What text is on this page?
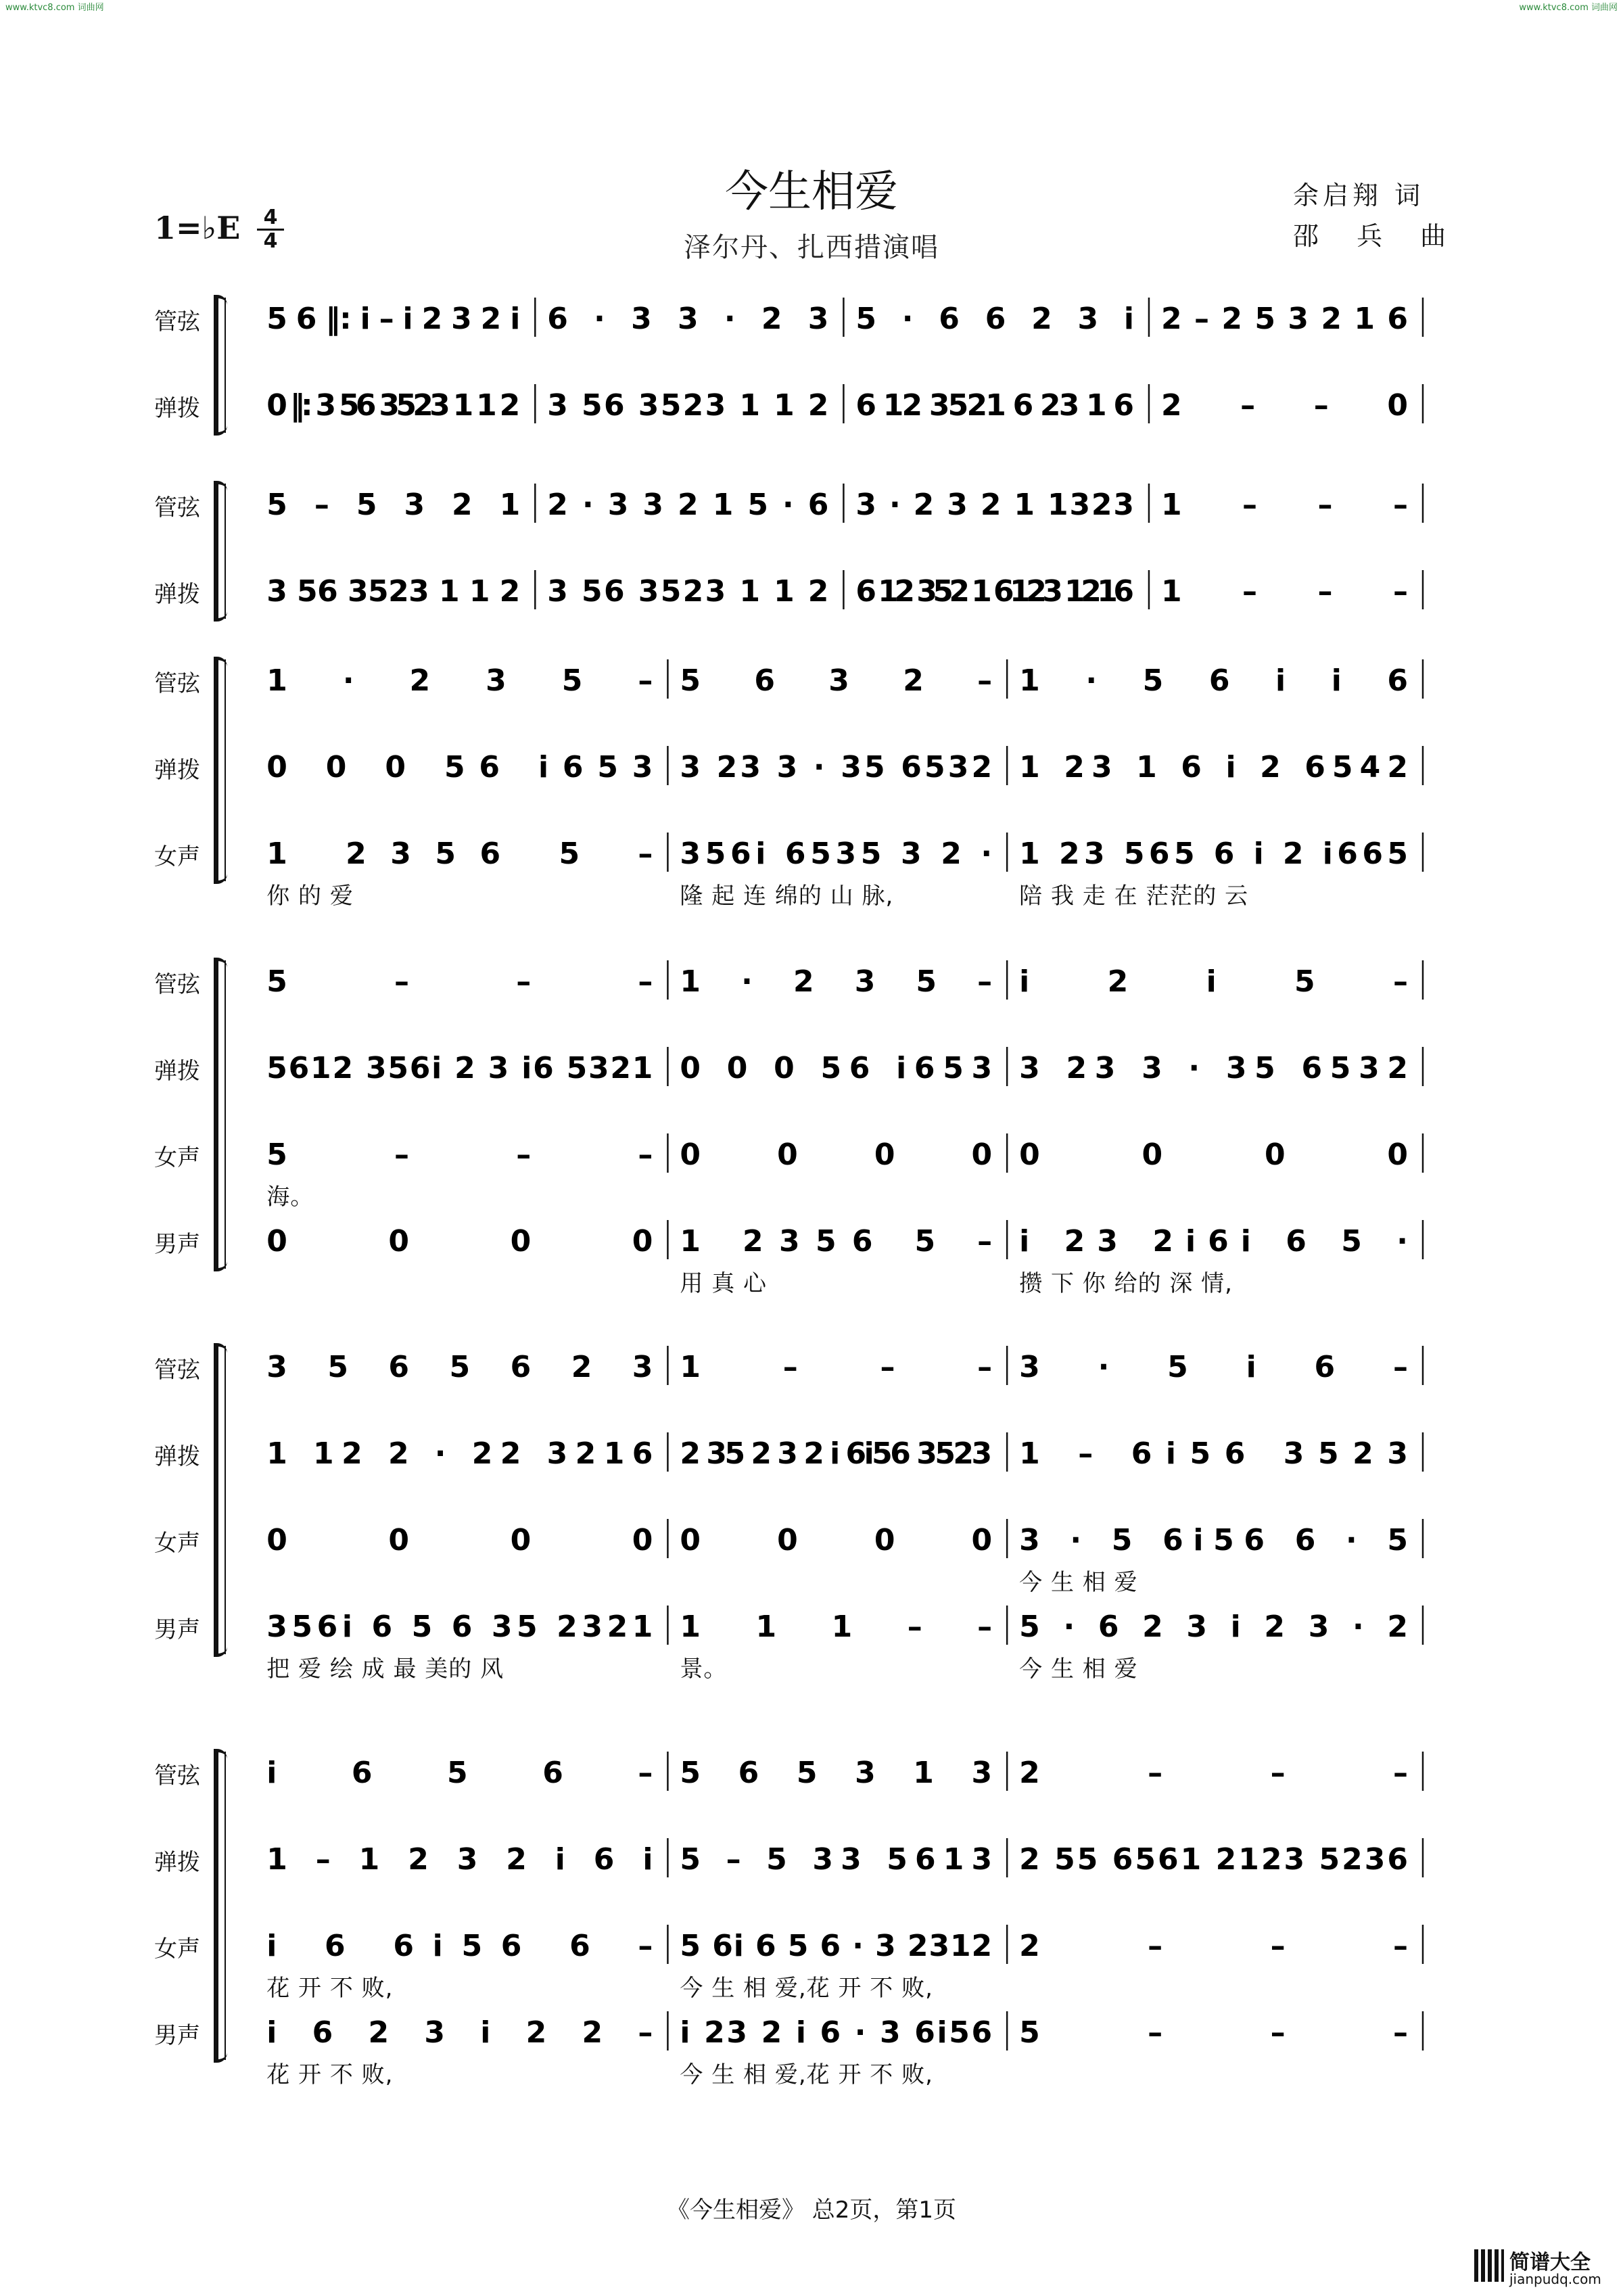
www.ktvc8.com 词曲网	www.ktvc8.com 词曲网
今生相爱
泽尔丹、扎西措演唱
余启翔 词
邵 兵 曲
1=♭E	4
4
管弦 5 6 ‖: i – i 2 3 2 i 6 · 3 3 · 2 3 5 · 6 6 2 3 i 2 – 2 5 3 2 1 6
弹拨 0 ‖: 3 56 3523 1 1 2 3 56 3523 1 1 2 6 12 3521 6 23 1 6 2 – – 0
管弦 5 – 5 3 2 1 2 · 3 3 2 1 5 · 6 3 · 2 3 2 1 1323 1 – – –
弹拨 3 56 3523 1 1 2 3 56 3523 1 1 2 6 12 352 1 6123 1216 1 – – –
管弦 1 · 2 3 5 – 5 6 3 2 – 1 · 5 6 i i 6
弹拨 0 0 0 56 i653 3 23 3 · 35 6532 1 23 1 6 i 2 6542
女声 1 2356 5 – 356i 6535 3 2 · 1 23 565 6 i 2 i665
你 的 爱	隆 起 连 绵的 山 脉,	陪 我 走 在 茫茫的 云
管弦 5 – – – 1 · 2 3 5 – i 2 i 5 –
弹拨 5612 356i 2 3 i6 5321 0 0 0 56 i653 3 23 3 · 35 6532
女声 5 – – – 0 0 0 0 0 0 0 0
海。
男声 0 0 0 0 1 2356 5 – i 23 2i6i 6 5 ·
用 真 心	攒 下 你 给的 深 情,
管弦 3 5 6 5 6 2 3 1 – – – 3 · 5 i 6 –
弹拨 1 12 2 · 22 3216 2 35 2 3 2 i 6i56 3523 1 – 6i56 3523
女声 0 0 0 0 0 0 0 0 3 · 5 6i56 6 · 5
今 生 相 爱
男声 356i 6 5 6 35 2321 1 1 1 – – 5 · 6 2 3 i 2 3 · 2
把 爱 绘 成 最 美的 风	景。	今 生 相 爱
管弦 i 6 5 6 – 5 6 5 3 1 3 2 – – –
弹拨 1 – 1 2 3 2 i 6 i 5 – 5 33 5613 2 55 6561 2123 5236
女声 i 6 6i56 6 – 5 6i 6 5 6 · 3 2312 2 – – –
花 开 不 败,	今 生 相 爱,花 开 不 败,
男声 i 6 2 3 i 2 2 – i 23 2 i 6 · 3 6i56 5 – – –
花 开 不 败,	今 生 相 爱,花 开 不 败,
《今生相爱》 总2页，第1页
简谱大全
jianpudq.com
